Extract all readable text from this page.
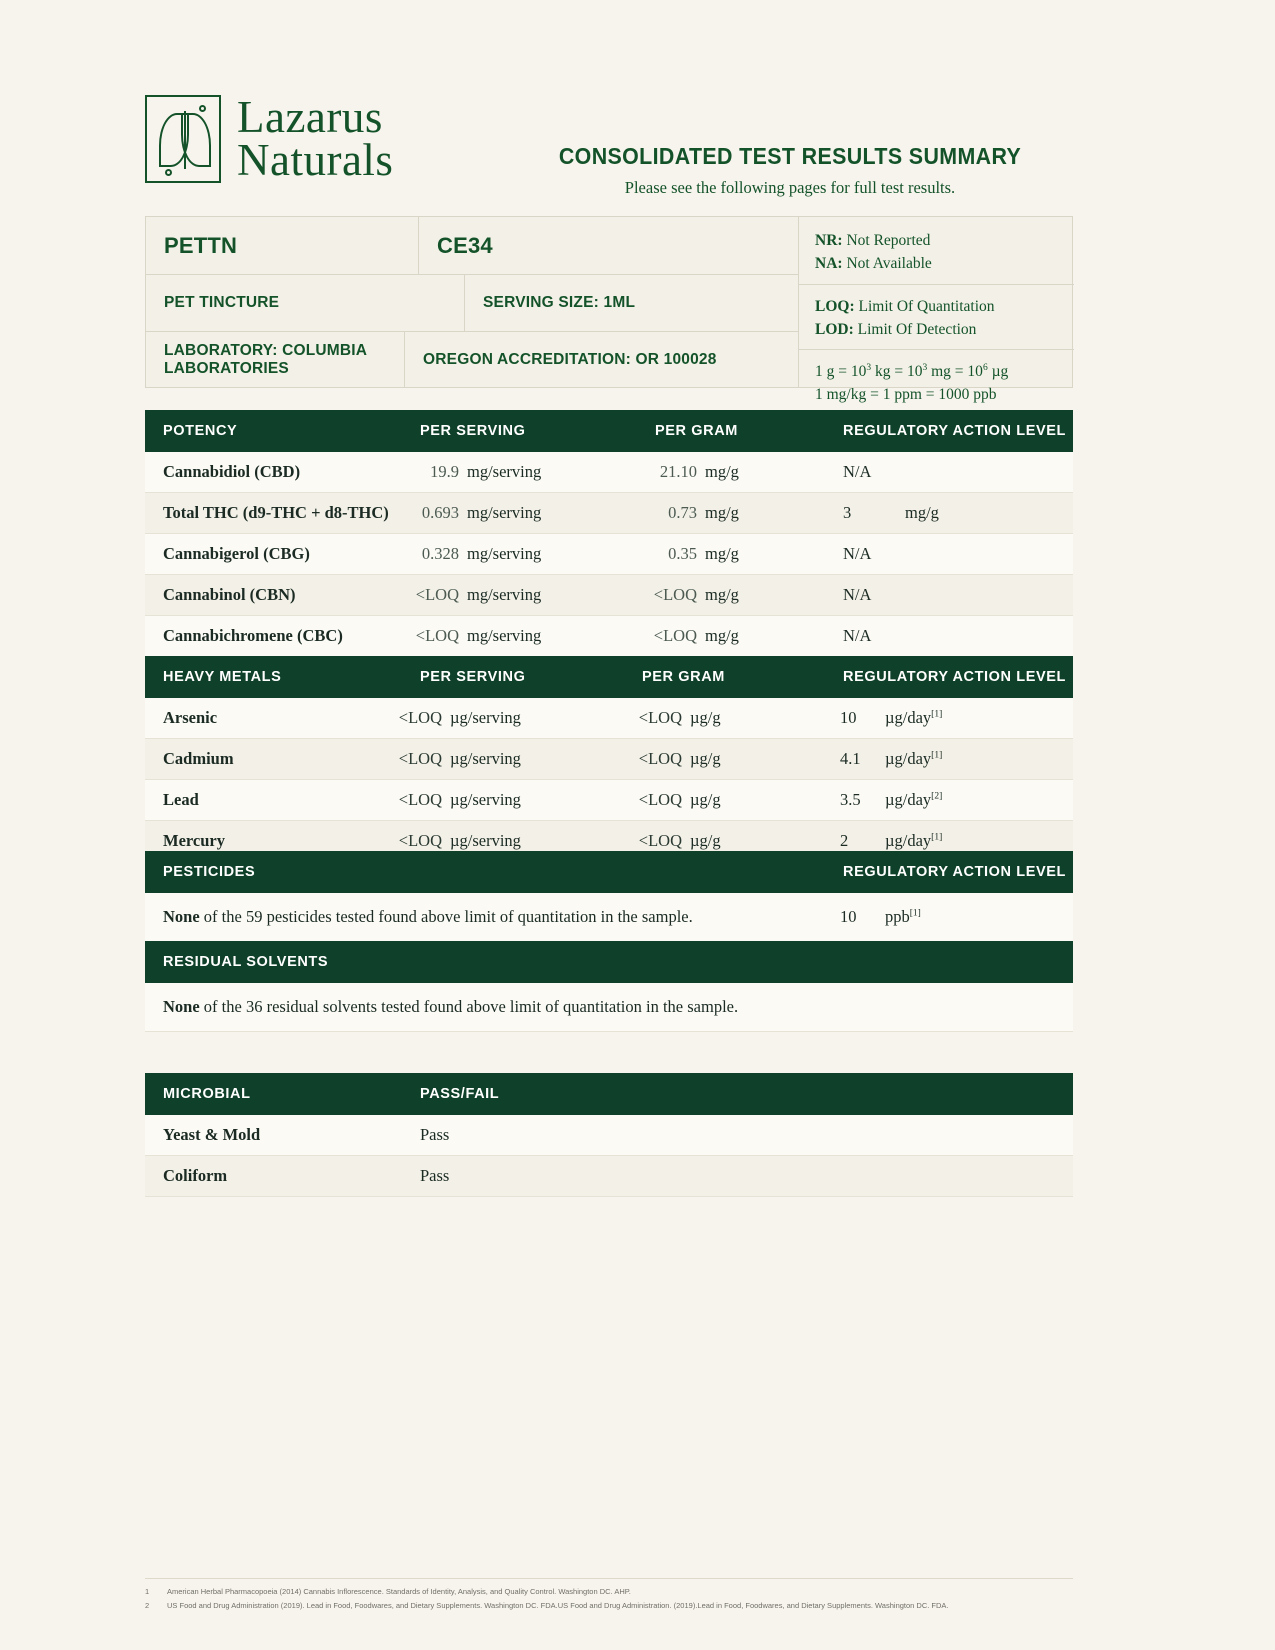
Lazarus
Naturals	CONSOLIDATED TEST RESULTS SUMMARY
Please see the following pages for full test results.
PETTN	CE34
PET TINCTURE	SERVING SIZE: 1ML
LABORATORY: COLUMBIA LABORATORIES
OREGON ACCREDITATION: OR 100028
NR: Not Reported
NA: Not Available
LOQ: Limit Of Quantitation
LOD: Limit Of Detection
1 $g = 10^3$ kg = $10^3$ mg = $10^6$ µg
1 mg/kg = 1 ppm = 1000 ppb
POTENCY	PER SERVING	PER GRAM	REGULATORY ACTION LEVEL
Cannabidiol (CBD)	19.9 mg/serving	21.10 mg/g	N/A
Total THC (d9-THC + d8-THC)	0.693 mg/serving	0.73 mg/g	3	mg/g
Cannabigerol (CBG)	0.328 mg/serving	0.35 mg/g	N/A
Cannabinol (CBN)	<LOQ mg/serving	<LOQ mg/g	N/A
Cannabichromene (CBC)	<LOQ mg/serving	<LOQ mg/g	N/A
HEAVY METALS	PER SERVING	PER GRAM	REGULATORY ACTION LEVEL
Arsenic	<LOQ µg/serving	<LOQ µg/g	10 µg/day[1]
Cadmium	<LOQ µg/serving	<LOQ µg/g	4.1 µg/day[1]
Lead	<LOQ µg/serving	<LOQ µg/g	3.5 µg/day[2]
Mercury	<LOQ µg/serving	<LOQ µg/g	2 µg/day[1]
PESTICIDES	REGULATORY ACTION LEVEL
None of the 59 pesticides tested found above limit of quantitation in the sample.	10 ppb[1]
RESIDUAL SOLVENTS
None of the 36 residual solvents tested found above limit of quantitation in the sample.
MICROBIAL	PASS/FAIL
Yeast & Mold	Pass
Coliform	Pass
1 American Herbal Pharmacopoeia (2014) Cannabis Inflorescence. Standards of Identity, Analysis, and Quality Control. Washington DC. AHP.
2 US Food and Drug Administration (2019). Lead in Food, Foodwares, and Dietary Supplements. Washington DC. FDA.US Food and Drug Administration. (2019).Lead in Food, Foodwares, and Dietary Supplements. Washington DC. FDA.
